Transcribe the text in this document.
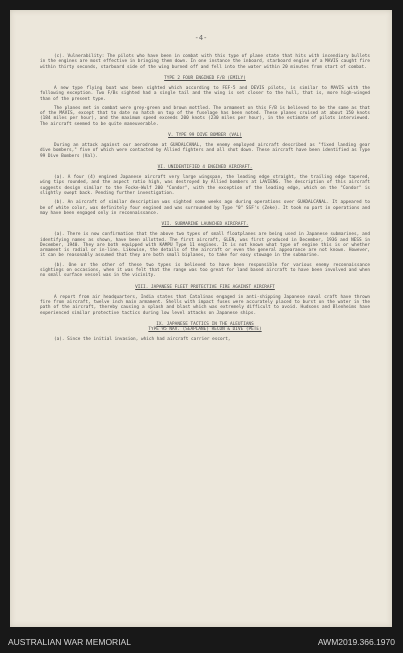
-4-

(c). Vulnerability: The pilots who have been in combat with this type of plane state that hits with incendiary bullets in the engines are most effective in bringing them down. In one instance the inboard, starboard engine of a MAVIS caught fire within thirty seconds, starboard side of the wing burned off and fell into the water within 20 minutes from start of combat.

TYPE 2 FOUR ENGINED F/B (EMILY)

A new type flying boat was been sighted which according to FEF-5 and DEVIS pilots, is similar to MAVIS with the following exception. Two F/Bs sighted had a single tail and the wing is set closer to the hull, that is, more high-winged than of the present type.

The planes met in combat were grey-green and brown mottled. The armament on this F/B is believed to be the same as that of the MAVIS, except that to date no hatch on top of the fuselage has been noted. These planes cruised at about 150 knots (184 miles per hour), and the maximum speed exceeds 200 knots (230 miles per hour), in the estimate of pilots interviewed. The aircraft seemed to be quite maneuverable.

V. TYPE 99 DIVE BOMBER (VAL)

During an attack against our aerodrome at GUADALCANAL, the enemy employed aircraft described as "fixed landing gear dive bombers," five of which were contacted by Allied fighters and all shot down. These aircraft have been identified as Type 99 Dive Bombers (Val).

VI. UNIDENTIFIED 4 ENGINED AIRCRAFT.

(a). A four (4) engined Japanese aircraft very large wingspan, the leading edge straight, the trailing edge tapered, wing tips rounded, and the aspect ratio high, was destroyed by Allied bombers at LAVIENG. The description of this aircraft suggests design similar to the Focke-Wulf 200 "Condor", with the exception of the leading edge, which on the "Condor" is slightly swept back. Pending further investigation.

(b). An aircraft of similar description was sighted some weeks ago during operations over GUADALCANAL. It appeared to be of white color, was definitely four engined and was surrounded by Type "0" SSF's (Zeke). It took no part in operations and may have been engaged only in reconnaissance.

VII. SUBMARINE LAUNCHED AIRCRAFT.

(a). There is now confirmation that the above two types of small floatplanes are being used in Japanese submarines, and identifying names as shown, have been allotted. The first aircraft, GLEN, was first produced in December, 1936 and NESS in December, 1940. They are both equipped with KAMPU Type 11 engines. It is not known what type of engine this is or whether armament is radial or in-line. Likewise, the details of the aircraft or even the general appearance are not known. However, it can be reasonably assumed that they are both small biplanes, to take for easy stowage in the submarine.

(b). One or the other of these two types is believed to have been responsible for various enemy reconnaissance sightings on occasions, when it was felt that the range was too great for land based aircraft to have been involved and when no small surface vessel was in the vicinity.

VIII. JAPANESE FLEET PROTECTIVE FIRE AGAINST AIRCRAFT

A report from air headquarters, India states that Catalinas engaged in anti-shipping Japanese naval craft have thrown fire from aircraft, twelve inch main armament. Shells with impact fuses were accurately placed to burst on the water in the path of the aircraft, thereby causing a splash and blast which was extremely difficult to avoid. Hudsons and Blenheims have experienced similar protective tactics during low level attacks on Japanese ships.

IX. JAPANESE TACTICS IN THE ALEUTIANS
TYPE 95 NAV. (SEAPLANE) RECON & DIVE (PETE)

(a). Since the initial invasion, which had aircraft carrier escort,

AUSTRALIAN WAR MEMORIAL	AWM2019.366.1970
